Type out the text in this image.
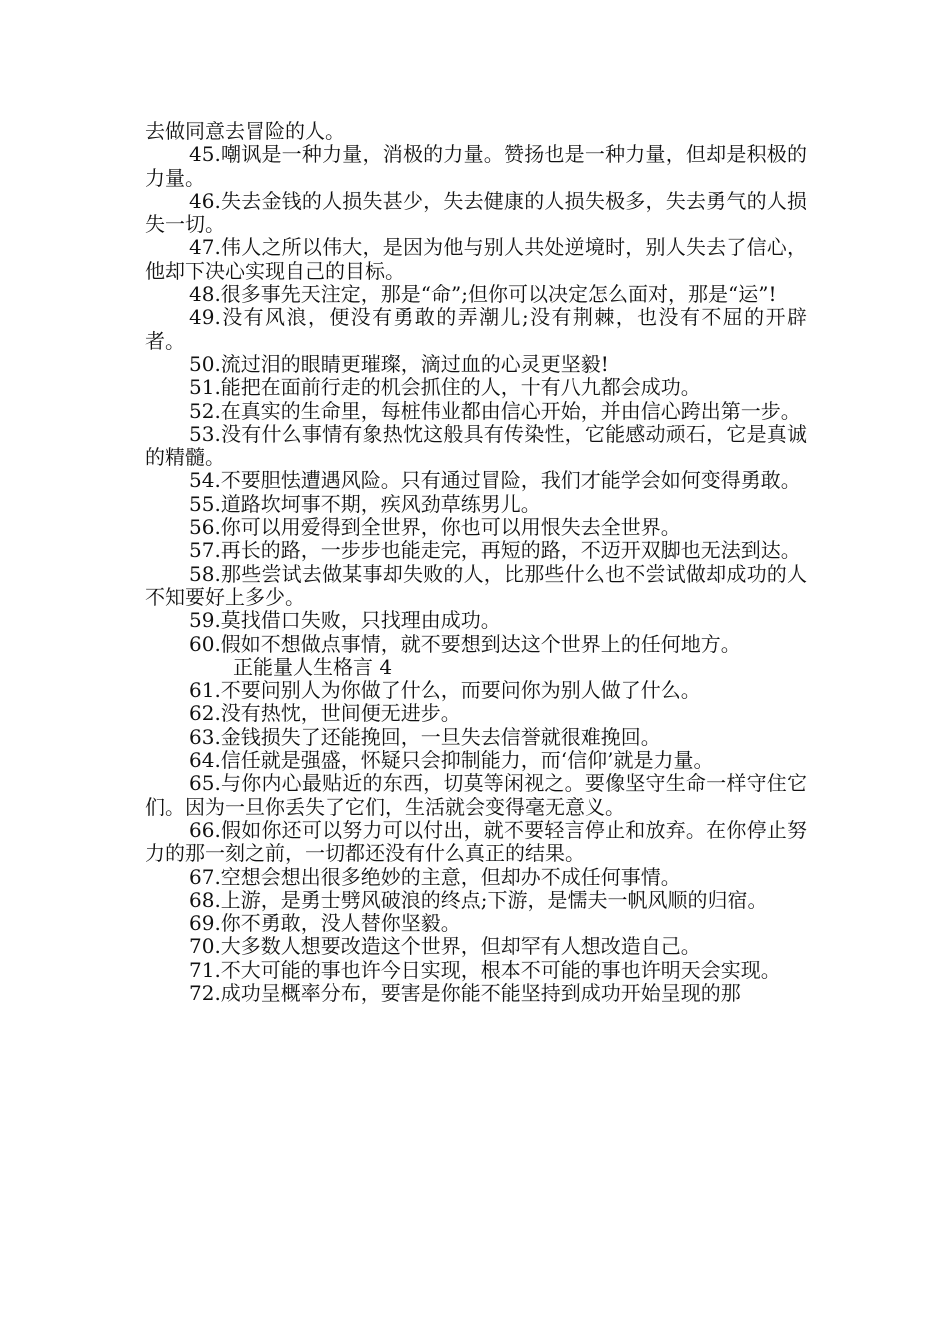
去做同意去冒险的人。

45.嘲讽是一种力量，消极的力量。赞扬也是一种力量，但却是积极的力量。

46.失去金钱的人损失甚少，失去健康的人损失极多，失去勇气的人损失一切。

47.伟人之所以伟大，是因为他与别人共处逆境时，别人失去了信心，他却下决心实现自己的目标。

48.很多事先天注定，那是“命”;但你可以决定怎么面对，那是“运”!

49.没有风浪，便没有勇敢的弄潮儿;没有荆棘，也没有不屈的开辟者。

50.流过泪的眼睛更璀璨，滴过血的心灵更坚毅!

51.能把在面前行走的机会抓住的人，十有八九都会成功。

52.在真实的生命里，每桩伟业都由信心开始，并由信心跨出第一步。

53.没有什么事情有象热忱这般具有传染性，它能感动顽石，它是真诚的精髓。

54.不要胆怯遭遇风险。只有通过冒险，我们才能学会如何变得勇敢。

55.道路坎坷事不期，疾风劲草练男儿。

56.你可以用爱得到全世界，你也可以用恨失去全世界。

57.再长的路，一步步也能走完，再短的路，不迈开双脚也无法到达。

58.那些尝试去做某事却失败的人，比那些什么也不尝试做却成功的人不知要好上多少。

59.莫找借口失败，只找理由成功。

60.假如不想做点事情，就不要想到达这个世界上的任何地方。

正能量人生格言 4

61.不要问别人为你做了什么，而要问你为别人做了什么。

62.没有热忱，世间便无进步。

63.金钱损失了还能挽回，一旦失去信誉就很难挽回。

64.信任就是强盛，怀疑只会抑制能力，而‘信仰’就是力量。

65.与你内心最贴近的东西，切莫等闲视之。要像坚守生命一样守住它们。因为一旦你丢失了它们，生活就会变得毫无意义。

66.假如你还可以努力可以付出，就不要轻言停止和放弃。在你停止努力的那一刻之前，一切都还没有什么真正的结果。

67.空想会想出很多绝妙的主意，但却办不成任何事情。

68.上游，是勇士劈风破浪的终点;下游，是懦夫一帆风顺的归宿。

69.你不勇敢，没人替你坚毅。

70.大多数人想要改造这个世界，但却罕有人想改造自己。

71.不大可能的事也许今日实现，根本不可能的事也许明天会实现。

72.成功呈概率分布，要害是你能不能坚持到成功开始呈现的那
